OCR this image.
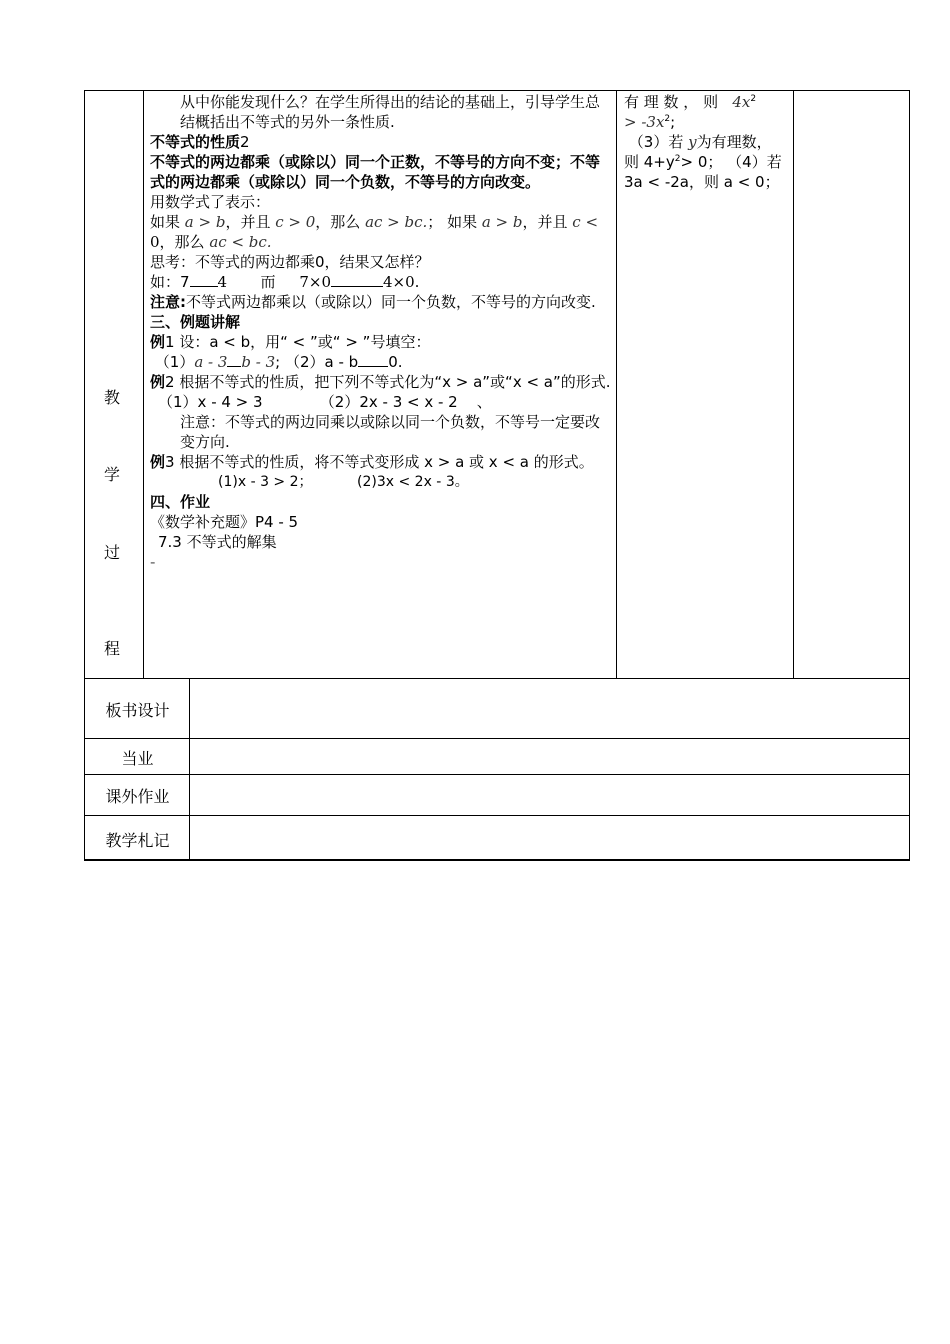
教
学
过
程

从中你能发现什么？在学生所得出的结论的基础上，引导学生总结概括出不等式的另外一条性质.

不等式的性质2

不等式的两边都乘（或除以）同一个正数，不等号的方向不变；不等式的两边都乘（或除以）同一个负数，不等号的方向改变。

用数学式了表示：

如果 a > b，并且 c > 0，那么 ac > bc.； 如果 a > b，并且 c <
0，那么 ac < bc.

思考：不等式的两边都乘0，结果又怎样？

如：7 4 而 7×0	4×0.

注意:不等式两边都乘以（或除以）同一个负数，不等号的方向改变.

三、例题讲解

例1 设：a < b，用“ < ”或“ > ”号填空：

（1）a - 3 b - 3; （2）a - b 0.

例2 根据不等式的性质，把下列不等式化为“x > a”或“x < a”的形式.

（1）x - 4 > 3            （2）2x - 3 < x - 2    、

注意：不等式的两边同乘以或除以同一个负数，不等号一定要改变方向.

例3 根据不等式的性质，将不等式变形成 x > a 或 x < a 的形式。

(1)x - 3 > 2；          (2)3x < 2x - 3。

四、作业

《数学补充题》P4 - 5

7.3 不等式的解集

-

有 理 数 ， 则 $4x^2$

> $-3x^2$;

（3）若 y为有理数，

则 $4+y^2> 0$； （4）若

3a < -2a，则 a < 0；

板书设计
当业
课外作业
教学札记
